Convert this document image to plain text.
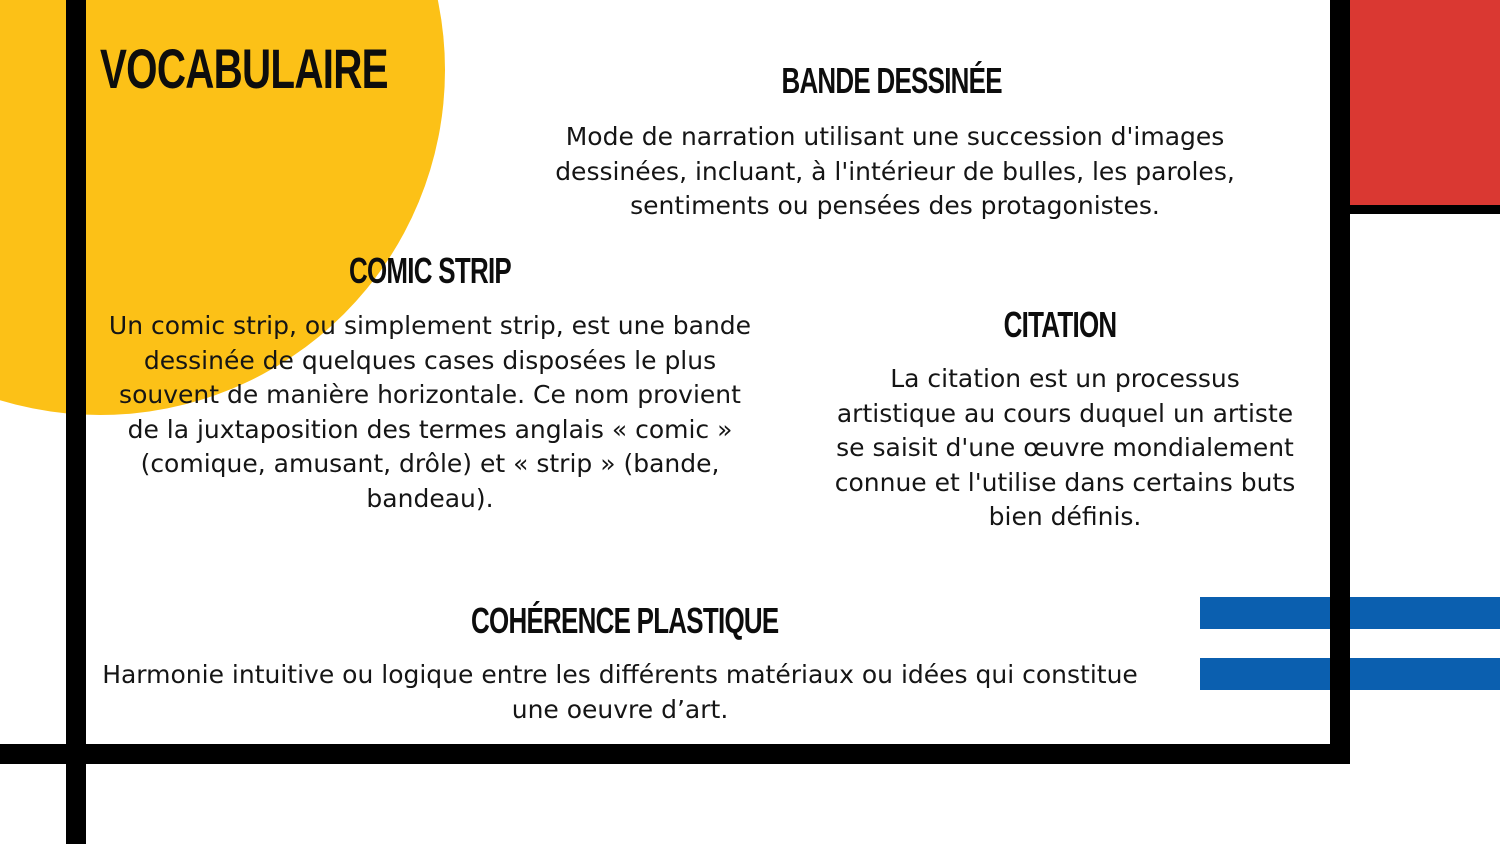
VOCABULAIRE	BANDE DESSINÉE

Mode de narration utilisant une succession d'images dessinées, incluant, à l'intérieur de bulles, les paroles, sentiments ou pensées des protagonistes.

COMIC STRIP

Un comic strip, ou simplement strip, est une bande dessinée de quelques cases disposées le plus souvent de manière horizontale. Ce nom provient de la juxtaposition des termes anglais « comic » (comique, amusant, drôle) et « strip » (bande, bandeau).

CITATION

La citation est un processus artistique au cours duquel un artiste se saisit d'une œuvre mondialement connue et l'utilise dans certains buts bien définis.

COHÉRENCE PLASTIQUE

Harmonie intuitive ou logique entre les différents matériaux ou idées qui constitue une oeuvre d’art.
